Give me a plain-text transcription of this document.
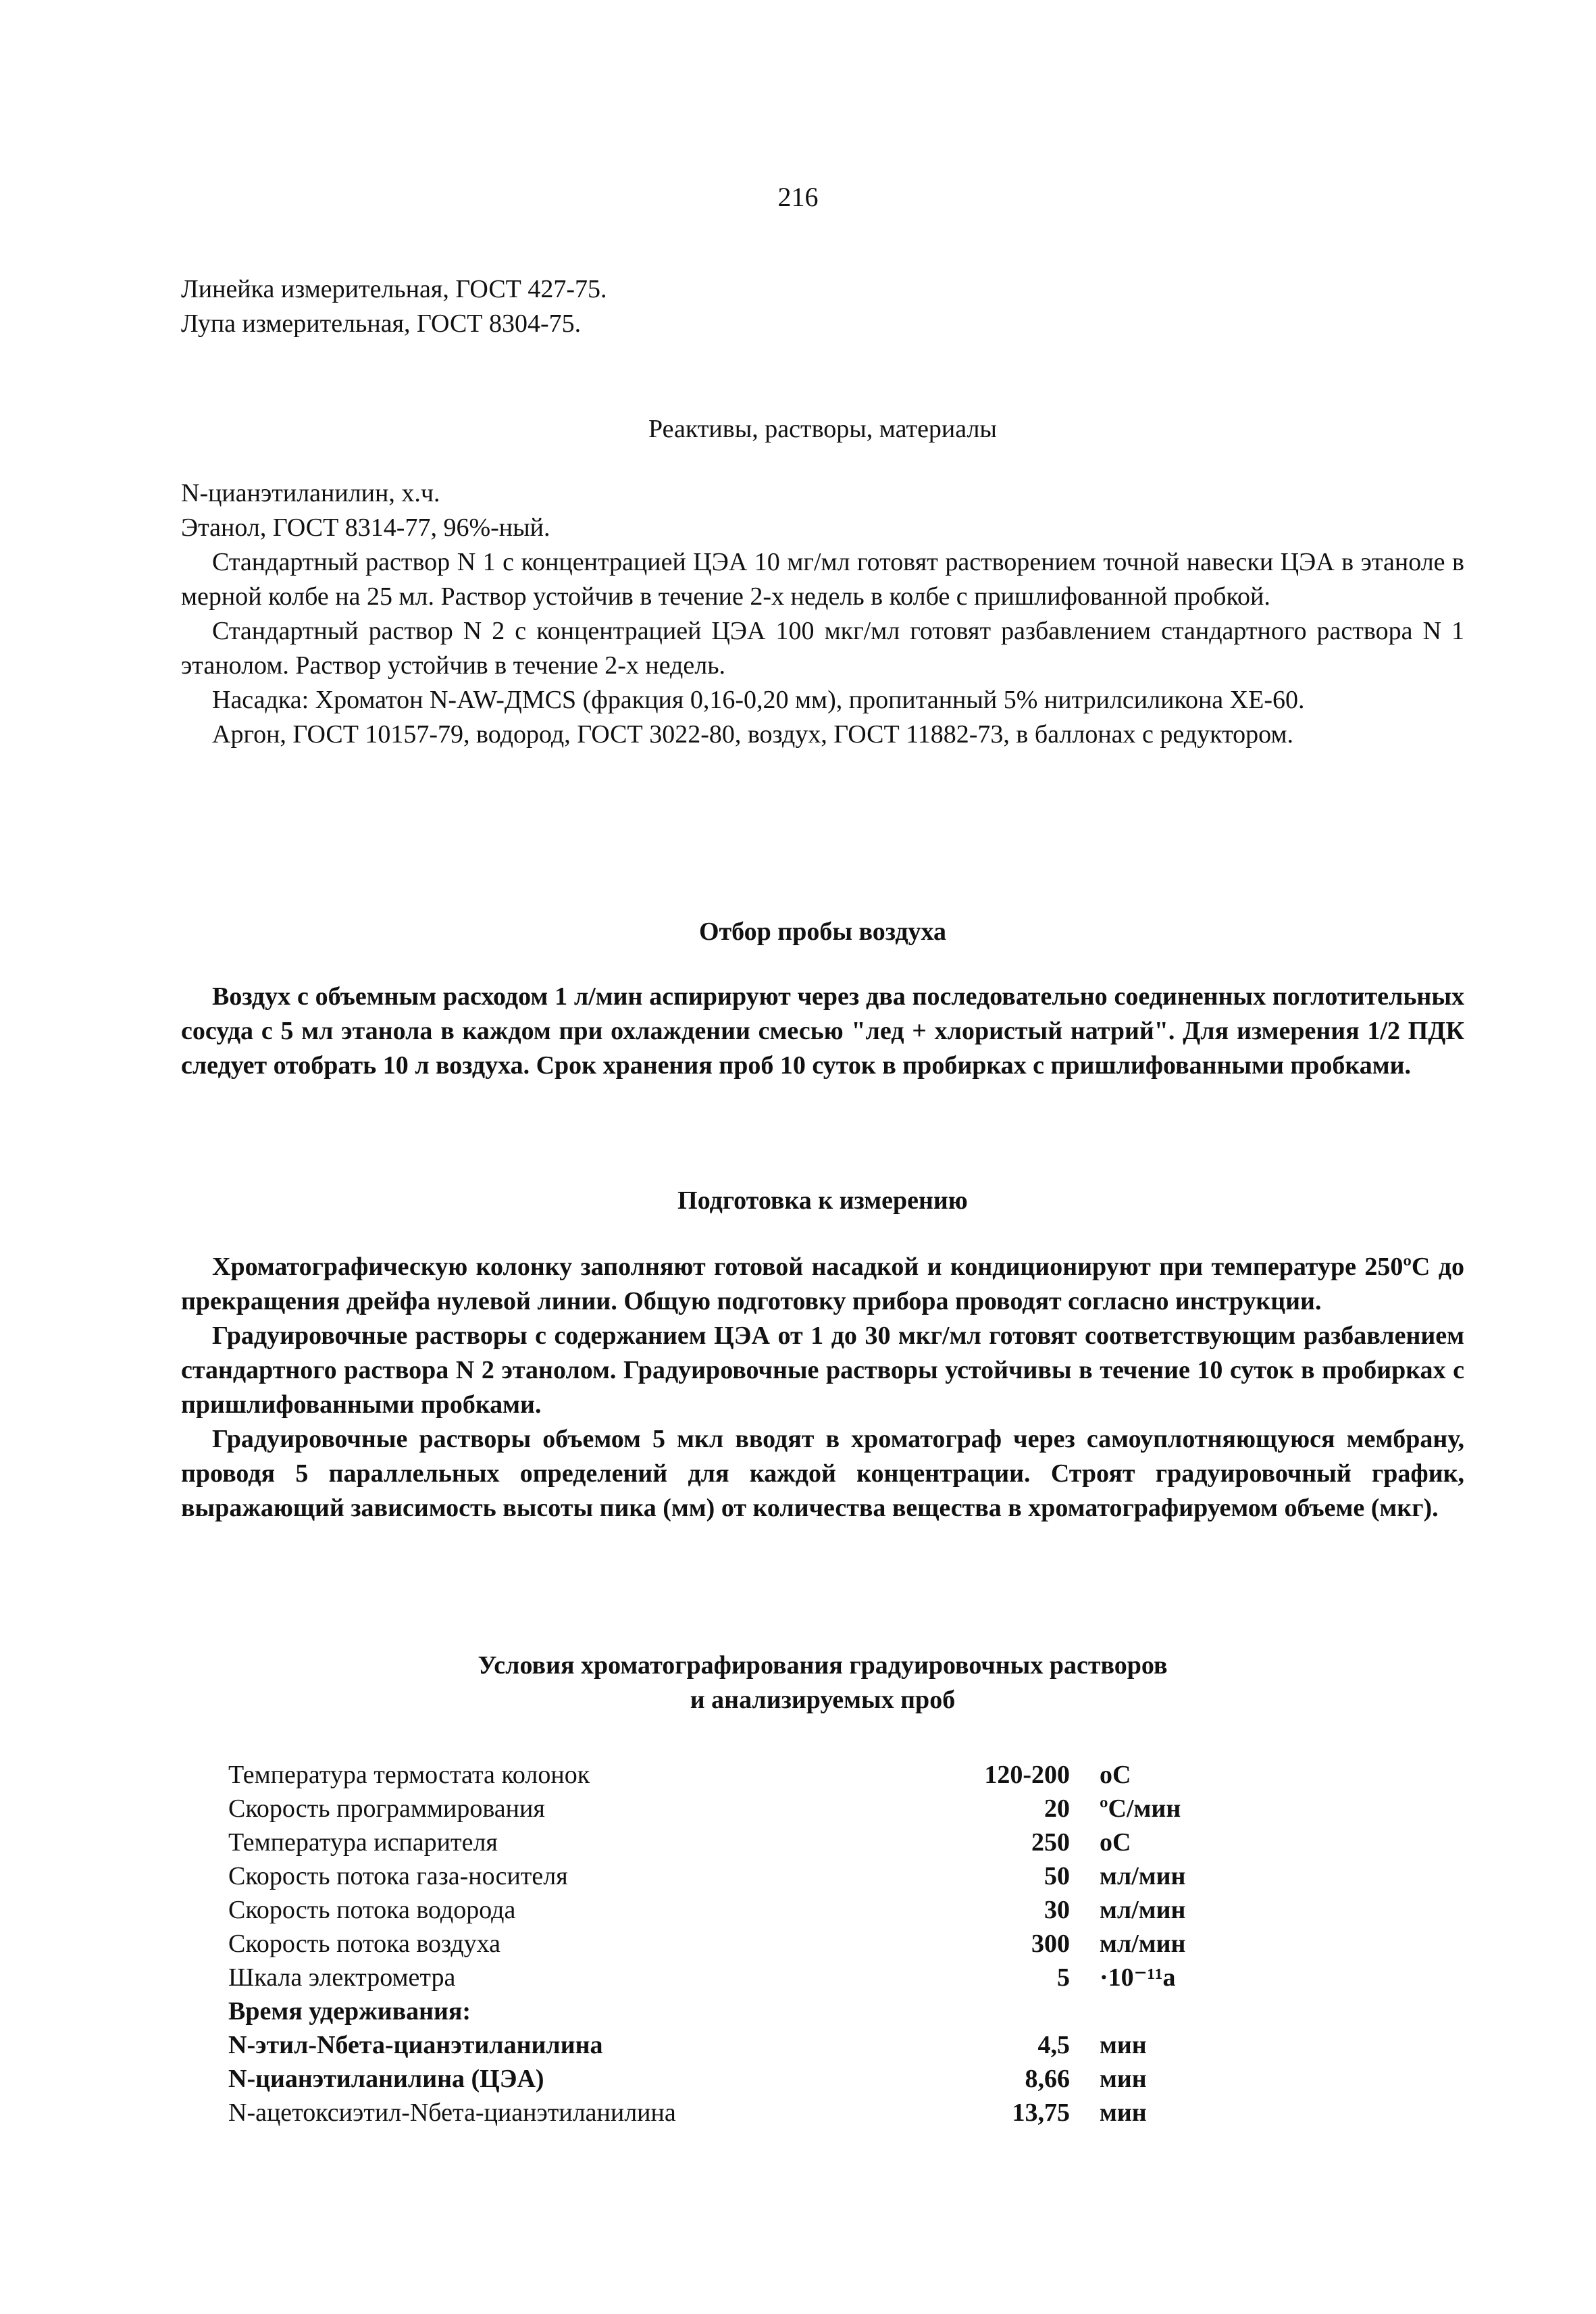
216

Линейка измерительная, ГОСТ 427-75.

Лупа измерительная, ГОСТ 8304-75.

Реактивы, растворы, материалы

N-цианэтиланилин, х.ч.

Этанол, ГОСТ 8314-77, 96%-ный.

Стандартный раствор N 1 с концентрацией ЦЭА 10 мг/мл готовят растворением точной навески ЦЭА в этаноле в мерной колбе на 25 мл. Раствор устойчив в течение 2-х недель в колбе с пришлифованной пробкой.

Стандартный раствор N 2 с концентрацией ЦЭА 100 мкг/мл готовят разбавлением стандартного раствора N 1 этанолом. Раствор устойчив в течение 2-х недель.

Насадка: Хроматон N-AW-ДМCS (фракция 0,16-0,20 мм), пропитанный 5% нитрилсиликона XE-60.

Аргон, ГОСТ 10157-79, водород, ГОСТ 3022-80, воздух, ГОСТ 11882-73, в баллонах с редуктором.

Отбор пробы воздуха

Воздух с объемным расходом 1 л/мин аспирируют через два последовательно соединенных поглотительных сосуда с 5 мл этанола в каждом при охлаждении смесью "лед + хлористый натрий". Для измерения 1/2 ПДК следует отобрать 10 л воздуха. Срок хранения проб 10 суток в пробирках с пришлифованными пробками.

Подготовка к измерению

Хроматографическую колонку заполняют готовой насадкой и кондиционируют при температуре 250ºС до прекращения дрейфа нулевой линии. Общую подготовку прибора проводят согласно инструкции.

Градуировочные растворы с содержанием ЦЭА от 1 до 30 мкг/мл готовят соответствующим разбавлением стандартного раствора N 2 этанолом. Градуировочные растворы устойчивы в течение 10 суток в пробирках с пришлифованными пробками.

Градуировочные растворы объемом 5 мкл вводят в хроматограф через самоуплотняющуюся мембрану, проводя 5 параллельных определений для каждой концентрации. Строят градуировочный график, выражающий зависимость высоты пика (мм) от количества вещества в хроматографируемом объеме (мкг).

Условия хроматографирования градуировочных растворов
и анализируемых проб
Температура термостата колонок	120-200	оС
Скорость программирования	20	ºС/мин
Температура испарителя	250	оС
Скорость потока газа-носителя	50	мл/мин
Скорость потока водорода	30	мл/мин
Скорость потока воздуха	300	мл/мин
Шкала электрометра	5	·10⁻¹¹а
Время удерживания:
N-этил-Nбета-цианэтиланилина	4,5	мин
N-цианэтиланилина (ЦЭА)	8,66	мин
N-ацетоксиэтил-Nбета-цианэтиланилина	13,75	мин
